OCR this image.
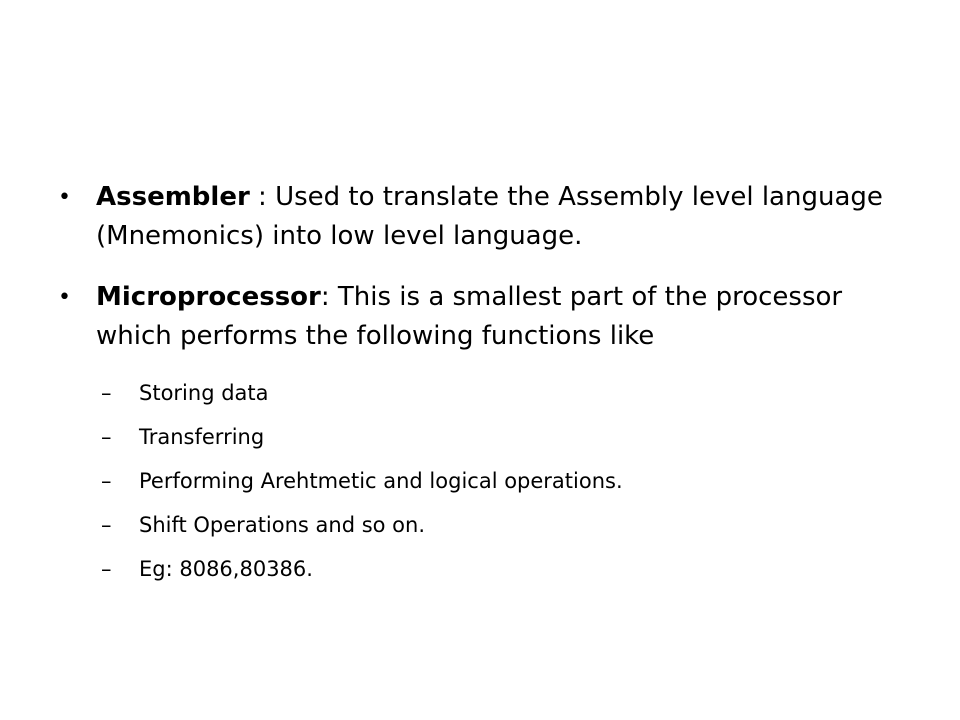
• Assembler : Used to translate the Assembly level language (Mnemonics) into low level language.
• Microprocessor: This is a smallest part of the processor which performs the following functions like
– Storing data
– Transferring
– Performing Arehtmetic and logical operations.
– Shift Operations and so on.
– Eg: 8086,80386.
